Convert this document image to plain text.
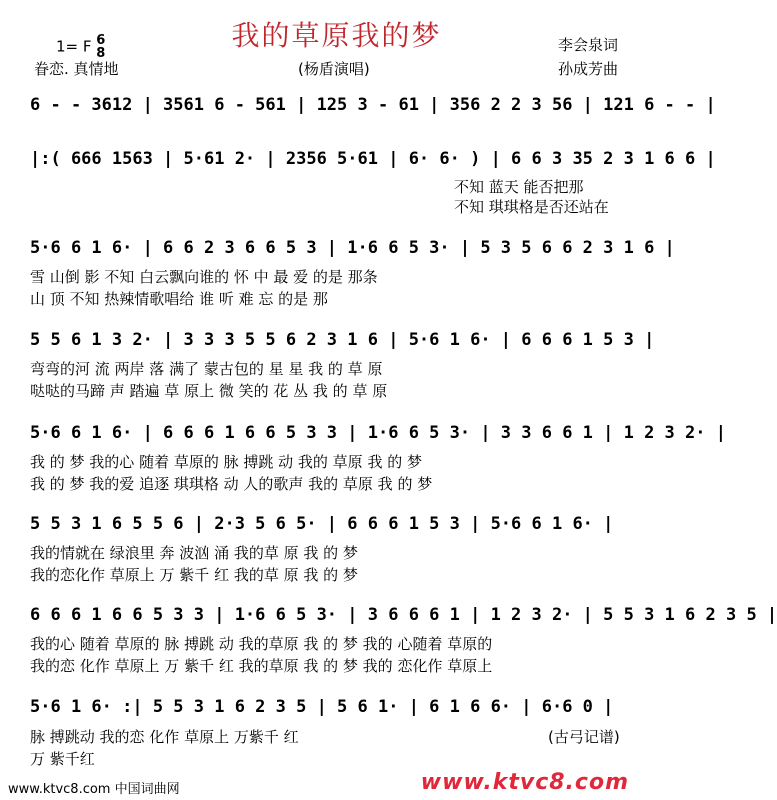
我的草原我的梦
1= F 6
8
眷恋. 真情地	(杨盾演唱)
李会泉词
孙成芳曲
6 - - 3612 | 3561 6 - 561 | 125 3 - 61 | 356 2 2 3 56 | 121 6 - - |
|:( 666 1563 | 5·61 2· | 2356 5·61 | 6· 6· ) | 6 6 3 35 2 3 1 6 6 |
不知 蓝天 能否把那
不知 琪琪格是否还站在
5·6 6 1 6· | 6 6 2 3 6 6 5 3 | 1·6 6 5 3· | 5 3 5 6 6 2 3 1 6 |
雪 山倒 影 不知 白云飘向谁的 怀 中 最 爱 的是 那条
山 顶 不知 热辣情歌唱给 谁 听 难 忘 的是 那
5 5 6 1 3 2· | 3 3 3 5 5 6 2 3 1 6 | 5·6 1 6· | 6 6 6 1 5 3 |
弯弯的河 流 两岸 落 满了 蒙古包的 星 星 我 的 草 原
哒哒的马蹄 声 踏遍 草 原上 微 笑的 花 丛 我 的 草 原
5·6 6 1 6· | 6 6 6 1 6 6 5 3 3 | 1·6 6 5 3· | 3 3 6 6 1 | 1 2 3 2· |
我 的 梦 我的心 随着 草原的 脉 搏跳 动 我的 草原 我 的 梦
我 的 梦 我的爱 追逐 琪琪格 动 人的歌声 我的 草原 我 的 梦
5 5 3 1 6 5 5 6 | 2·3 5 6 5· | 6 6 6 1 5 3 | 5·6 6 1 6· |
我的情就在 绿浪里 奔 波汹 涌 我的草 原 我 的 梦
我的恋化作 草原上 万 紫千 红 我的草 原 我 的 梦
6 6 6 1 6 6 5 3 3 | 1·6 6 5 3· | 3 6 6 6 1 | 1 2 3 2· | 5 5 3 1 6 2 3 5 |
我的心 随着 草原的 脉 搏跳 动 我的草原 我 的 梦 我的 心随着 草原的
我的恋 化作 草原上 万 紫千 红 我的草原 我 的 梦 我的 恋化作 草原上
5·6 1 6· :| 5 5 3 1 6 2 3 5 | 5 6 1· | 6 1 6 6· | 6·6 0 |
脉 搏跳动 我的恋 化作 草原上 万紫千 红
万 紫千红
(古弓记谱)
www.ktvc8.com 中国词曲网	www.ktvc8.com
